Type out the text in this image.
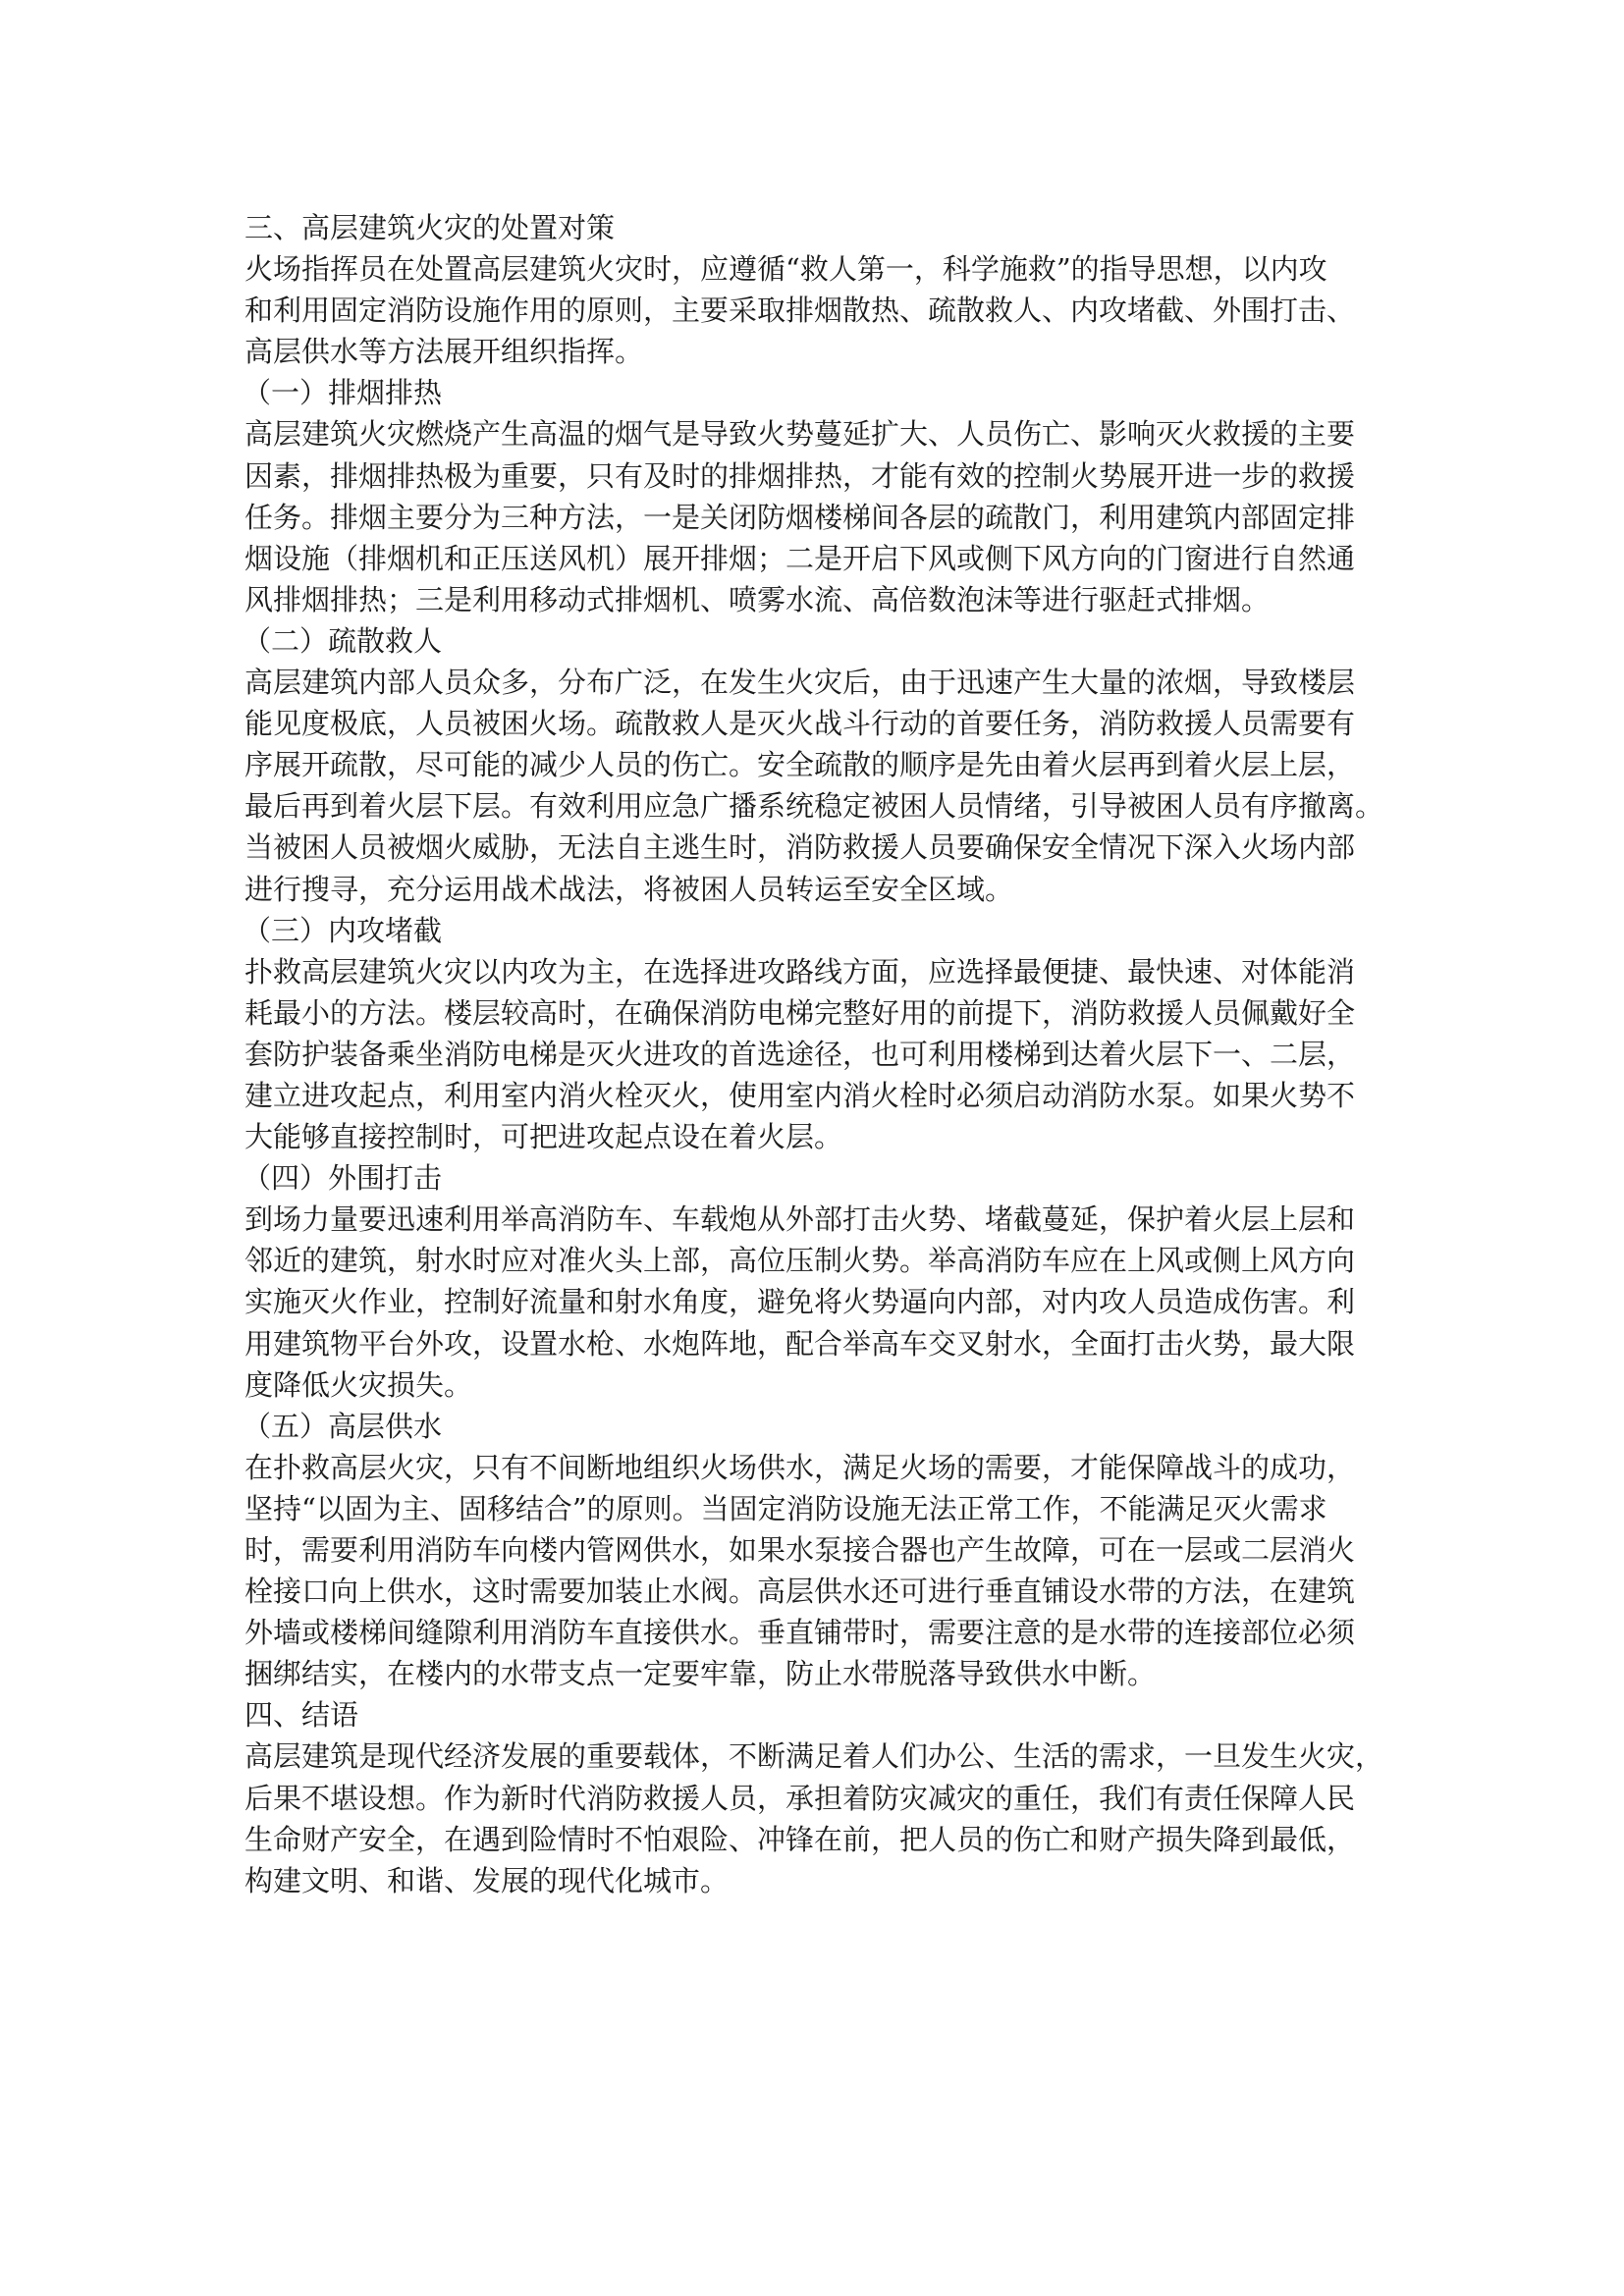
三、高层建筑火灾的处置对策
火场指挥员在处置高层建筑火灾时，应遵循“救人第一，科学施救”的指导思想，以内攻
和利用固定消防设施作用的原则，主要采取排烟散热、疏散救人、内攻堵截、外围打击、
高层供水等方法展开组织指挥。
（一）排烟排热
高层建筑火灾燃烧产生高温的烟气是导致火势蔓延扩大、人员伤亡、影响灭火救援的主要
因素，排烟排热极为重要，只有及时的排烟排热，才能有效的控制火势展开进一步的救援
任务。排烟主要分为三种方法，一是关闭防烟楼梯间各层的疏散门，利用建筑内部固定排
烟设施（排烟机和正压送风机）展开排烟；二是开启下风或侧下风方向的门窗进行自然通
风排烟排热；三是利用移动式排烟机、喷雾水流、高倍数泡沫等进行驱赶式排烟。
（二）疏散救人
高层建筑内部人员众多，分布广泛，在发生火灾后，由于迅速产生大量的浓烟，导致楼层
能见度极底，人员被困火场。疏散救人是灭火战斗行动的首要任务，消防救援人员需要有
序展开疏散，尽可能的减少人员的伤亡。安全疏散的顺序是先由着火层再到着火层上层，
最后再到着火层下层。有效利用应急广播系统稳定被困人员情绪，引导被困人员有序撤离。
当被困人员被烟火威胁，无法自主逃生时，消防救援人员要确保安全情况下深入火场内部
进行搜寻，充分运用战术战法，将被困人员转运至安全区域。
（三）内攻堵截
扑救高层建筑火灾以内攻为主，在选择进攻路线方面，应选择最便捷、最快速、对体能消
耗最小的方法。楼层较高时，在确保消防电梯完整好用的前提下，消防救援人员佩戴好全
套防护装备乘坐消防电梯是灭火进攻的首选途径，也可利用楼梯到达着火层下一、二层，
建立进攻起点，利用室内消火栓灭火，使用室内消火栓时必须启动消防水泵。如果火势不
大能够直接控制时，可把进攻起点设在着火层。
（四）外围打击
到场力量要迅速利用举高消防车、车载炮从外部打击火势、堵截蔓延，保护着火层上层和
邻近的建筑，射水时应对准火头上部，高位压制火势。举高消防车应在上风或侧上风方向
实施灭火作业，控制好流量和射水角度，避免将火势逼向内部，对内攻人员造成伤害。利
用建筑物平台外攻，设置水枪、水炮阵地，配合举高车交叉射水，全面打击火势，最大限
度降低火灾损失。
（五）高层供水
在扑救高层火灾，只有不间断地组织火场供水，满足火场的需要，才能保障战斗的成功，
坚持“以固为主、固移结合”的原则。当固定消防设施无法正常工作，不能满足灭火需求
时，需要利用消防车向楼内管网供水，如果水泵接合器也产生故障，可在一层或二层消火
栓接口向上供水，这时需要加装止水阀。高层供水还可进行垂直铺设水带的方法，在建筑
外墙或楼梯间缝隙利用消防车直接供水。垂直铺带时，需要注意的是水带的连接部位必须
捆绑结实，在楼内的水带支点一定要牢靠，防止水带脱落导致供水中断。
四、结语
高层建筑是现代经济发展的重要载体，不断满足着人们办公、生活的需求，一旦发生火灾，
后果不堪设想。作为新时代消防救援人员，承担着防灾减灾的重任，我们有责任保障人民
生命财产安全，在遇到险情时不怕艰险、冲锋在前，把人员的伤亡和财产损失降到最低，
构建文明、和谐、发展的现代化城市。
